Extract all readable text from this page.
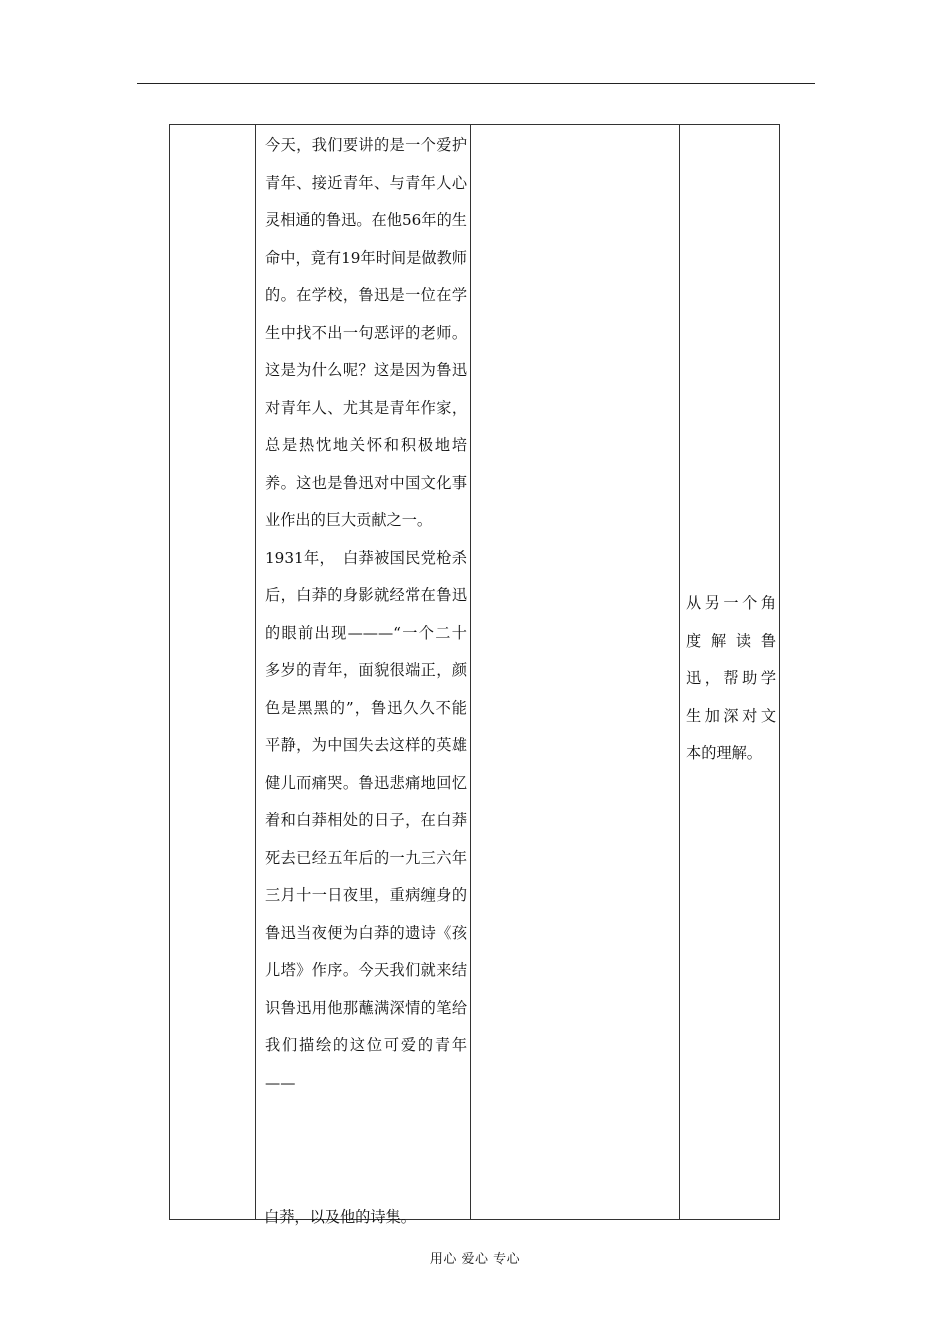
今天，我们要讲的是一个爱护青年、接近青年、与青年人心灵相通的鲁迅。在他56年的生命中，竟有19年时间是做教师的。在学校，鲁迅是一位在学生中找不出一句恶评的老师。这是为什么呢？这是因为鲁迅对青年人、尤其是青年作家，总是热忱地关怀和积极地培养。这也是鲁迅对中国文化事业作出的巨大贡献之一。

1931年，　白莽被国民党枪杀后，白莽的身影就经常在鲁迅的眼前出现———“一个二十多岁的青年，面貌很端正，颜色是黑黑的”，鲁迅久久不能平静，为中国失去这样的英雄健儿而痛哭。鲁迅悲痛地回忆着和白莽相处的日子，在白莽死去已经五年后的一九三六年三月十一日夜里，重病缠身的鲁迅当夜便为白莽的遗诗《孩儿塔》作序。今天我们就来结识鲁迅用他那蘸满深情的笔给我们描绘的这位可爱的青年——

从另一个角度解读鲁迅，帮助学生加深对文本的理解。
白莽，以及他的诗集。
用心 爱心 专心
